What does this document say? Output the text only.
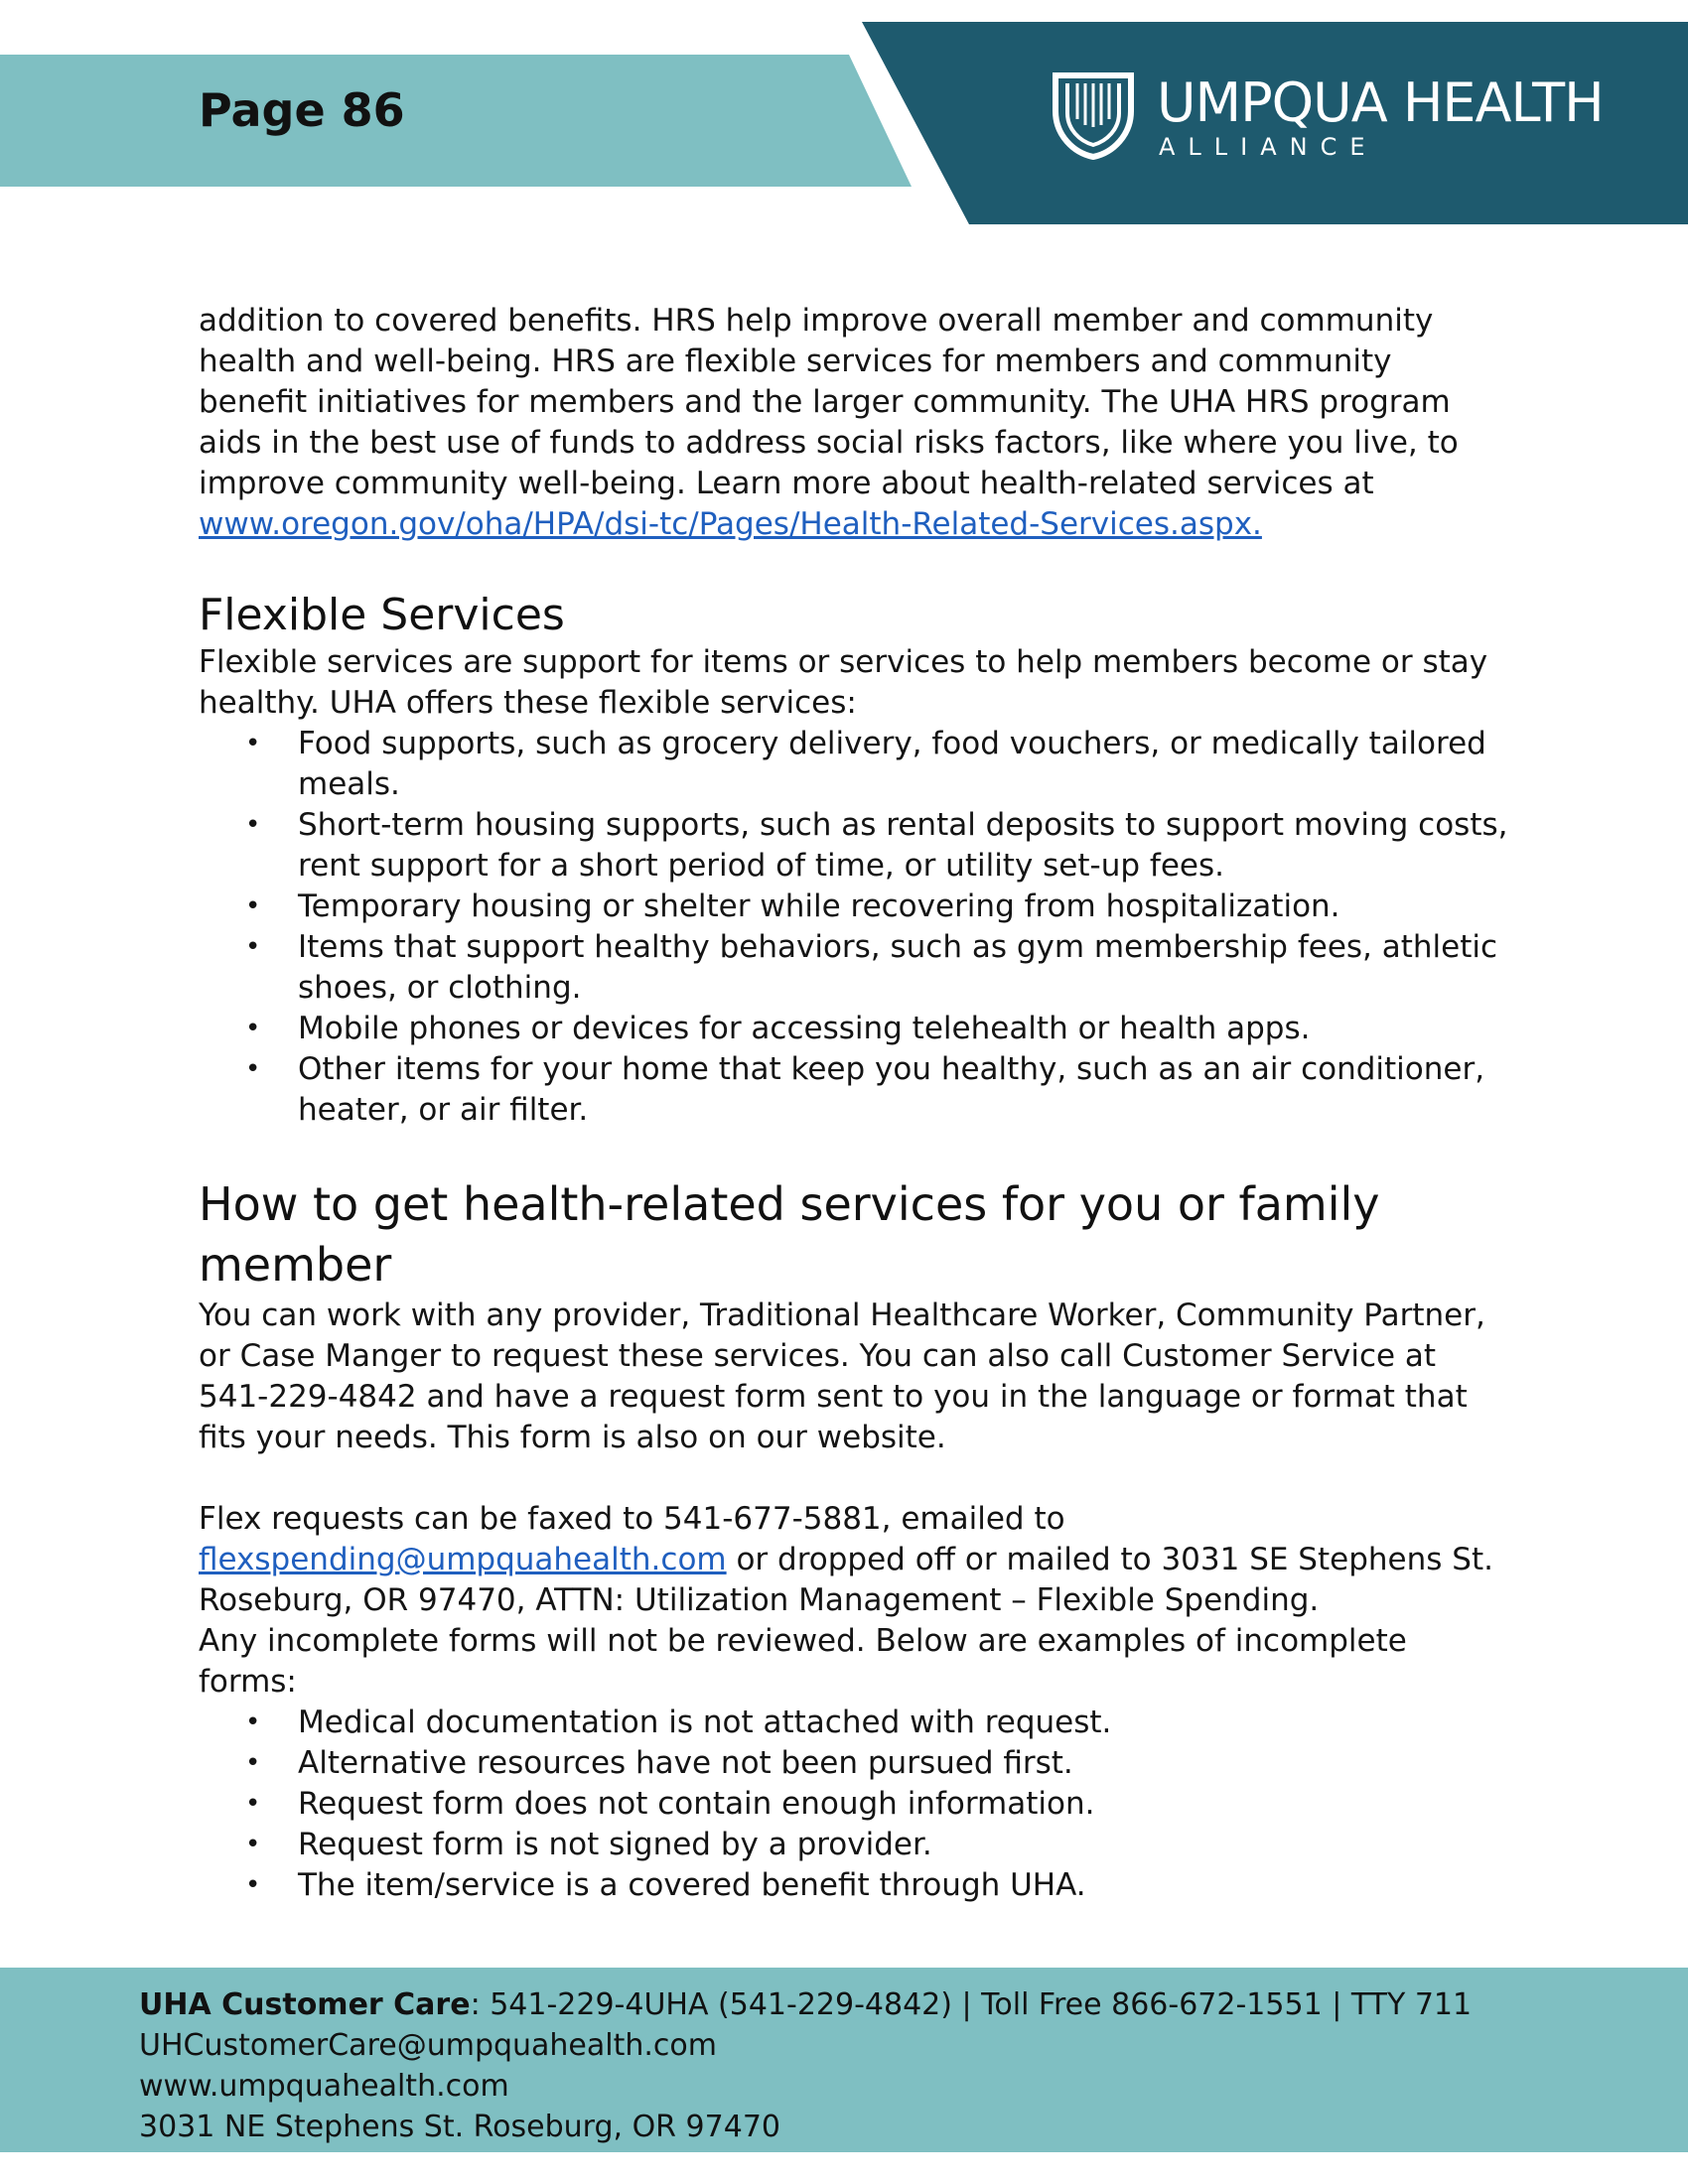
Page 86	UMPQUA HEALTH
ALLIANCE

addition to covered benefits. HRS help improve overall member and community health and well-being. HRS are flexible services for members and community benefit initiatives for members and the larger community. The UHA HRS program aids in the best use of funds to address social risks factors, like where you live, to improve community well-being. Learn more about health-related services at www.oregon.gov/oha/HPA/dsi-tc/Pages/Health-Related-Services.aspx.

Flexible Services

Flexible services are support for items or services to help members become or stay healthy. UHA offers these flexible services:

• Food supports, such as grocery delivery, food vouchers, or medically tailored meals.
• Short-term housing supports, such as rental deposits to support moving costs, rent support for a short period of time, or utility set-up fees.
• Temporary housing or shelter while recovering from hospitalization.
• Items that support healthy behaviors, such as gym membership fees, athletic shoes, or clothing.
• Mobile phones or devices for accessing telehealth or health apps.
• Other items for your home that keep you healthy, such as an air conditioner, heater, or air filter.
How to get health-related services for you or family member

You can work with any provider, Traditional Healthcare Worker, Community Partner, or Case Manger to request these services. You can also call Customer Service at 541-229-4842 and have a request form sent to you in the language or format that fits your needs. This form is also on our website.

Flex requests can be faxed to 541-677-5881, emailed to flexspending@umpquahealth.com or dropped off or mailed to 3031 SE Stephens St. Roseburg, OR 97470, ATTN: Utilization Management – Flexible Spending.

Any incomplete forms will not be reviewed. Below are examples of incomplete forms:

• Medical documentation is not attached with request.
• Alternative resources have not been pursued first.
• Request form does not contain enough information.
• Request form is not signed by a provider.
• The item/service is a covered benefit through UHA.
UHA Customer Care: 541-229-4UHA (541-229-4842) | Toll Free 866-672-1551 | TTY 711
UHCustomerCare@umpquahealth.com
www.umpquahealth.com
3031 NE Stephens St. Roseburg, OR 97470
